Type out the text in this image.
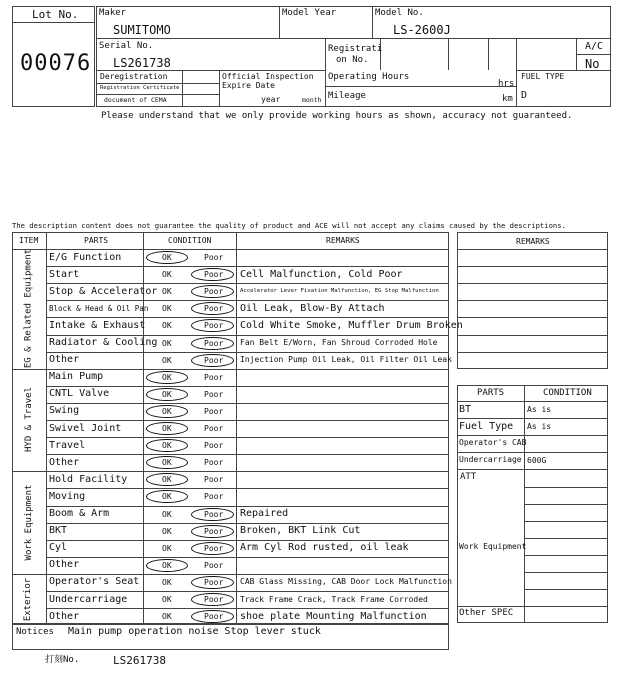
Lot No.
00076
Maker
SUMITOMO
Model Year	Model No.
LS-2600J
Serial No.
LS261738
Registrati
on No.
A/C
No
Deregistration
Registration Certificate
document of CEMA
Official Inspection
Expire Date
year	month
Operating Hours
hrs
Mileage	km
FUEL TYPE
D
Please understand that we only provide working hours as shown, accuracy not guaranteed.
The description content does not guarantee the quality of product and ACE will not accept any claims caused by the descriptions.
ITEM	PARTS	CONDITION	REMARKS
E/G Function	OK	Poor
Start	OK	Poor Cell Malfunction, Cold Poor
Stop & Accelerator OK	Poor	Accelerator Lever Fixation Malfunction, EG Stop Malfunction
Block & Head & Oil Pan OK	Poor Oil Leak, Blow-By Attach
Intake & Exhaust OK	Poor Cold White Smoke, Muffler Drum Broken
Radiator & Cooling OK	Poor Fan Belt E/Worn, Fan Shroud Corroded Hole
Other	OK	Poor Injection Pump Oil Leak, Oil Filter Oil Leak
EG & Related Equipment
Main Pump	OK	Poor
CNTL Valve	OK	Poor
Swing	OK	Poor
Swivel Joint	OK	Poor
Travel	OK	Poor
Other	OK	Poor
HYD & Travel
Hold Facility	OK	Poor
Moving	OK	Poor
Boom & Arm	OK	Poor Repaired
BKT	OK	Poor Broken, BKT Link Cut
Cyl	OK	Poor Arm Cyl Rod rusted, oil leak
Other	OK	Poor
Work Equipment
Operator's Seat	OK	Poor CAB Glass Missing, CAB Door Lock Malfunction
Undercarriage	OK	Poor Track Frame Crack, Track Frame Corroded
Other	OK	Poor shoe plate Mounting Malfunction
Exterior
Notices Main pump operation noise Stop lever stuck
打刻No.	LS261738
REMARKS
PARTS	CONDITION
BT	As is
Fuel Type As is
Operator's CAB
Undercarriage 600G
ATT
Work Equipment
Other SPEC
